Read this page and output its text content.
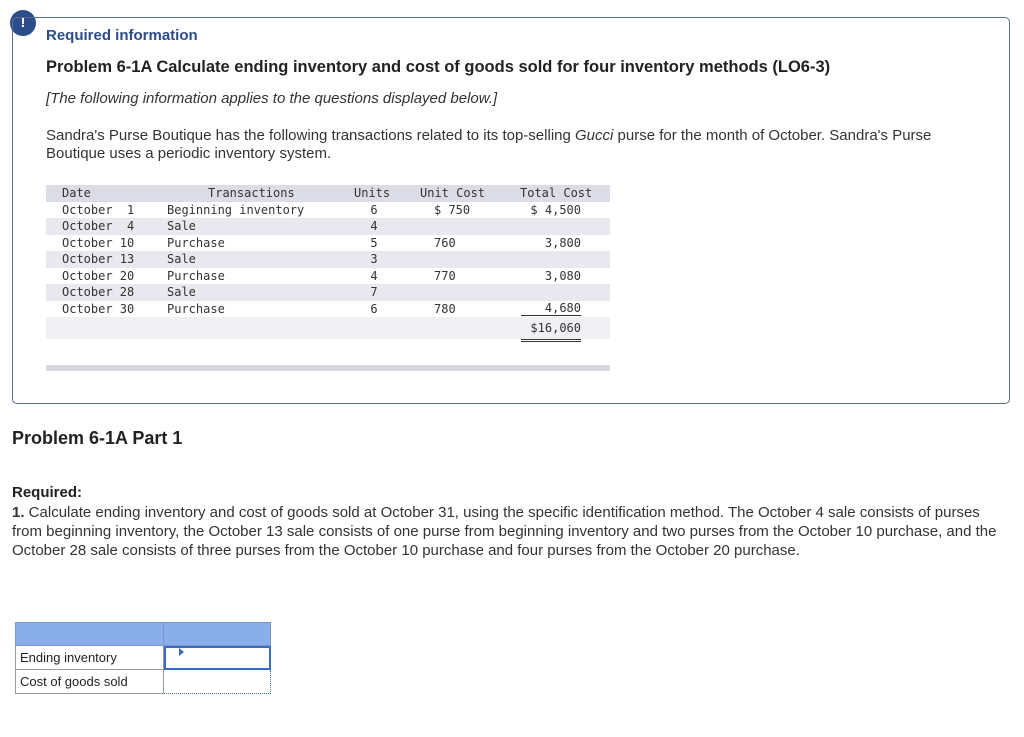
!
Required information
Problem 6-1A Calculate ending inventory and cost of goods sold for four inventory methods (LO6-3)
[The following information applies to the questions displayed below.]
Sandra's Purse Boutique has the following transactions related to its top-selling Gucci purse for the month of October. Sandra's Purse Boutique uses a periodic inventory system.
Date	Transactions	Units Unit Cost	Total Cost
October  1	Beginning inventory	6	$ 750	$ 4,500
October  4	Sale	4
October 10	Purchase	5	760	3,800
October 13	Sale	3
October 20	Purchase	4	770	3,080
October 28	Sale	7
October 30	Purchase	6	780	4,680
$16,060
Problem 6-1A Part 1
Required:
1. Calculate ending inventory and cost of goods sold at October 31, using the specific identification method. The October 4 sale consists of purses from beginning inventory, the October 13 sale consists of one purse from beginning inventory and two purses from the October 10 purchase, and the October 28 sale consists of three purses from the October 10 purchase and four purses from the October 20 purchase.
Ending inventory
Cost of goods sold
